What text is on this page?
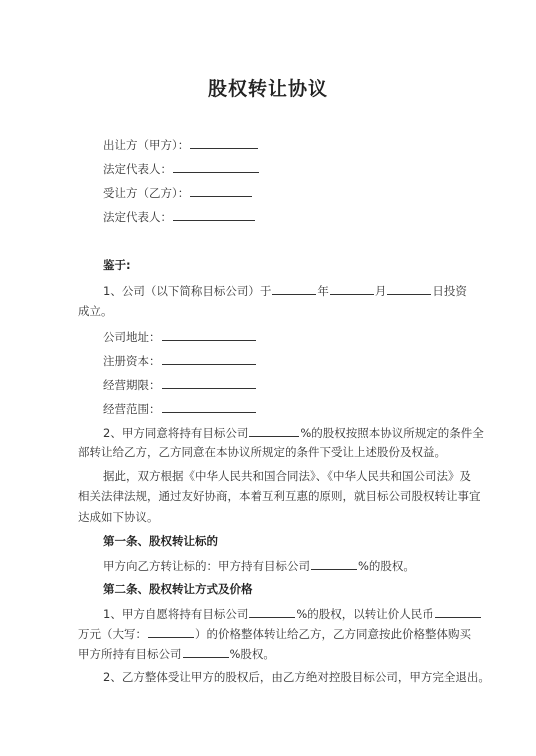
股权转让协议
出让方（甲方）：
法定代表人：
受让方（乙方）：
法定代表人：
鉴于:
1、公司（以下简称目标公司）于	年	月	日投资
成立。
公司地址：
注册资本：
经营期限：
经营范围：
2、甲方同意将持有目标公司	%的股权按照本协议所规定的条件全
部转让给乙方，乙方同意在本协议所规定的条件下受让上述股份及权益。
据此，双方根据《中华人民共和国合同法》、《中华人民共和国公司法》及
相关法律法规，通过友好协商，本着互利互惠的原则，就目标公司股权转让事宜
达成如下协议。
第一条、股权转让标的
甲方向乙方转让标的：甲方持有目标公司	%的股权。
第二条、股权转让方式及价格
1、甲方自愿将持有目标公司	%的股权，以转让价人民币
万元（大写：	）的价格整体转让给乙方，乙方同意按此价格整体购买
甲方所持有目标公司	%股权。
2、乙方整体受让甲方的股权后，由乙方绝对控股目标公司，甲方完全退出。
